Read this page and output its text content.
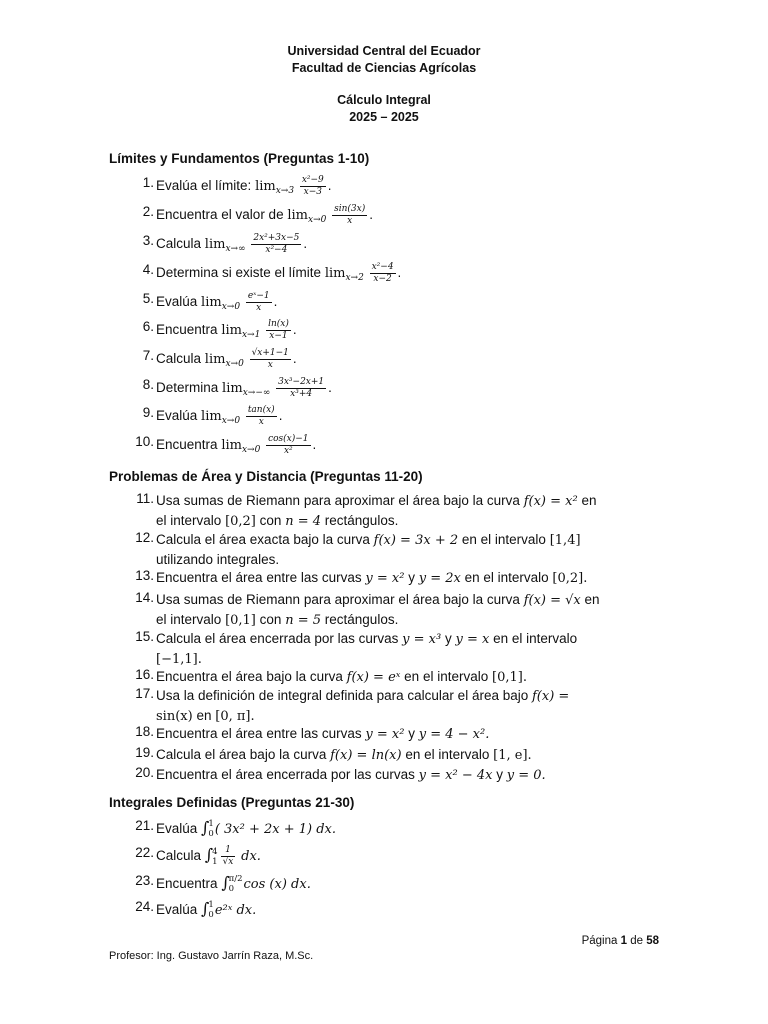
Universidad Central del Ecuador
Facultad de Ciencias Agrícolas
Cálculo Integral
2025 – 2025
Límites y Fundamentos (Preguntas 1-10)
1. Evalúa el límite: $\lim_{x\to 3} \frac{\text{x²−9}}{x-3}$ .
2. Encuentra el valor de $\lim_{x\to 0} \frac{\sin(3x)}{x}$ .
3. Calcula $\lim_{x\to\infty} \frac{\text{2x²+3x−5}}{\text{x²−4}}$ .
4. Determina si existe el límite $\lim_{x\to 2} \frac{\text{x²−4}}{x-2}$ .
5. Evalúa $\lim_{x\to 0} \frac{\text{eˣ−1}}{x}$ .
6. Encuentra $\lim_{x\to 1} \frac{\ln(x)}{x-1}$ .
7. Calcula $\lim_{x\to 0} \frac{√x+1-1}{x}$ .
8. Determina $\lim_{x\to-\infty} \frac{\text{3x³−2x+1}}{\text{x³+4}}$ .
9. Evalúa $\lim_{x\to 0} \frac{\tan(x)}{x}$ .
10. Encuentra $\lim_{x\to 0} \frac{\cos(x)-1}{\text{x²}}$ .
Problemas de Área y Distancia (Preguntas 11-20)
11. Usa sumas de Riemann para aproximar el área bajo la curva f(x) = x² en
el intervalo [0,2] con n = 4 rectángulos.
12. Calcula el área exacta bajo la curva f(x) = 3x + 2 en el intervalo [1,4]
utilizando integrales.
13. Encuentra el área entre las curvas y = x² y y = 2x en el intervalo [0,2].
14. Usa sumas de Riemann para aproximar el área bajo la curva f(x) = √x en
el intervalo [0,1] con n = 5 rectángulos.
15. Calcula el área encerrada por las curvas y = x³ y y = x en el intervalo
[−1,1].
16. Encuentra el área bajo la curva f(x) = eˣ en el intervalo [0,1].
17. Usa la definición de integral definida para calcular el área bajo f(x) =
sin(x) en [0, π].
18. Encuentra el área entre las curvas y = x² y y = 4 − x².
19. Calcula el área bajo la curva f(x) = ln(x) en el intervalo [1, e].
20. Encuentra el área encerrada por las curvas y = x² − 4x y y = 0.
Integrales Definidas (Preguntas 21-30)
21. Evalúa ∫ 1
0 ( 3x² + 2x + 1) dx.
22. Calcula ∫ 4
$1 \frac{1}{√x}$ dx.
23. Encuentra ∫ π/2
0 cos (x) dx.
24. Evalúa ∫ 1
0 e²ˣ dx.
Página 1 de 58
Profesor: Ing. Gustavo Jarrín Raza, M.Sc.
